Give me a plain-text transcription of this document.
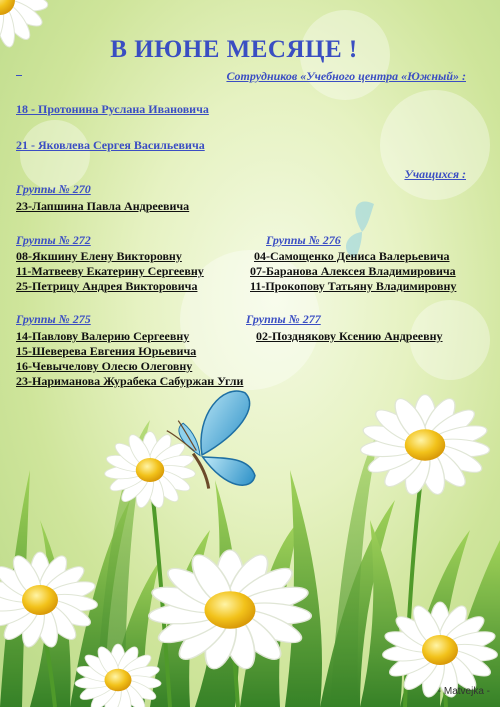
В ИЮНЕ МЕСЯЦЕ !
Сотрудников «Учебного центра «Южный» :
18 - Протонина Руслана Ивановича
21 - Яковлева Сергея Васильевича
Учащихся :
Группы № 270
23-Лапшина Павла Андреевича
Группы № 272
08-Якшину Елену Викторовну
11-Матвееву Екатерину Сергеевну
25-Петрицу Андрея Викторовича
Группы № 276
04-Самощенко Дениса Валерьевича
07-Баранова Алексея Владимировича
11-Прокопову Татьяну Владимировну
Группы № 275
14-Павлову Валерию Сергеевну
15-Шеверева Евгения Юрьевича
16-Чевычелову Олесю Олеговну
23-Нариманова Журабека Сабуржан Угли
Группы № 277
02-Позднякову Ксению Андреевну
- Matvejka -
